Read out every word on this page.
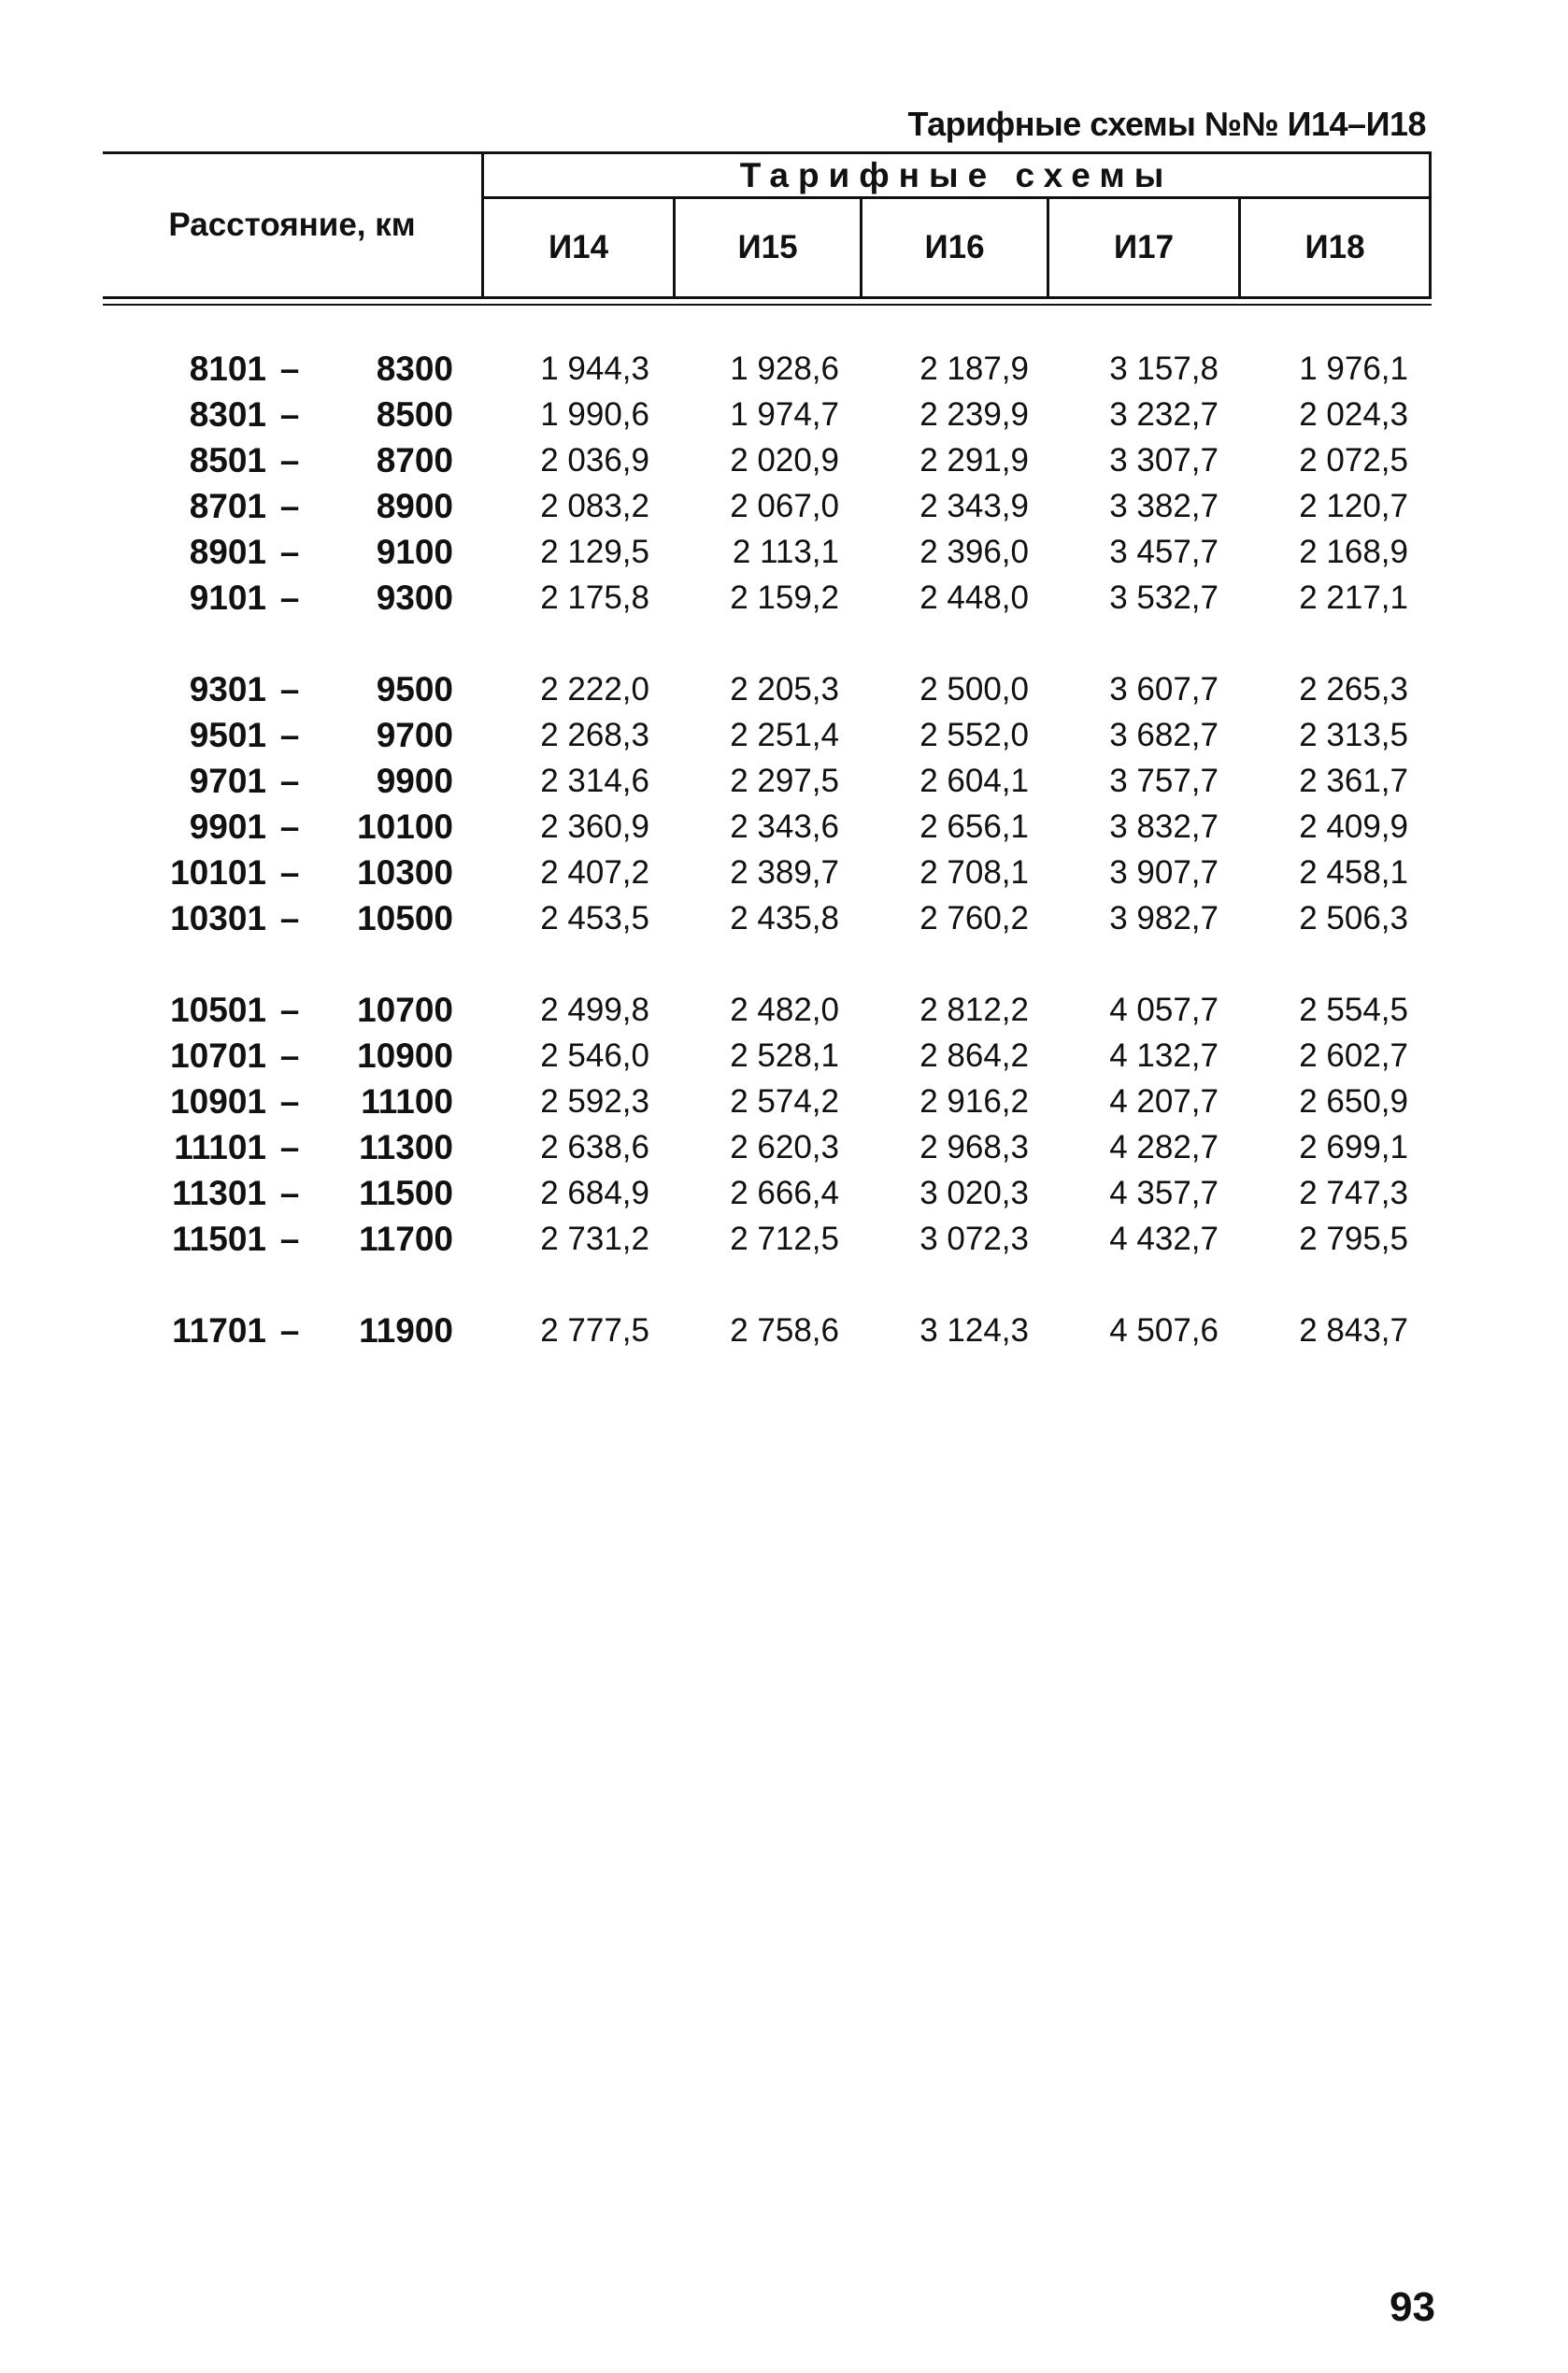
Тарифные схемы №№ И14–И18
Расстояние, км
Тарифные схемы
И14	И15	И16	И17	И18
8101 –	8300	1 944,3	1 928,6	2 187,9	3 157,8	1 976,1
8301 –	8500	1 990,6	1 974,7	2 239,9	3 232,7	2 024,3
8501 –	8700	2 036,9	2 020,9	2 291,9	3 307,7	2 072,5
8701 –	8900	2 083,2	2 067,0	2 343,9	3 382,7	2 120,7
8901 –	9100	2 129,5	2 113,1	2 396,0	3 457,7	2 168,9
9101 –	9300	2 175,8	2 159,2	2 448,0	3 532,7	2 217,1
9301 –	9500	2 222,0	2 205,3	2 500,0	3 607,7	2 265,3
9501 –	9700	2 268,3	2 251,4	2 552,0	3 682,7	2 313,5
9701 –	9900	2 314,6	2 297,5	2 604,1	3 757,7	2 361,7
9901 –	10100	2 360,9	2 343,6	2 656,1	3 832,7	2 409,9
10101 –	10300	2 407,2	2 389,7	2 708,1	3 907,7	2 458,1
10301 –	10500	2 453,5	2 435,8	2 760,2	3 982,7	2 506,3
10501 –	10700	2 499,8	2 482,0	2 812,2	4 057,7	2 554,5
10701 –	10900	2 546,0	2 528,1	2 864,2	4 132,7	2 602,7
10901 –	11100	2 592,3	2 574,2	2 916,2	4 207,7	2 650,9
11101 –	11300	2 638,6	2 620,3	2 968,3	4 282,7	2 699,1
11301 –	11500	2 684,9	2 666,4	3 020,3	4 357,7	2 747,3
11501 –	11700	2 731,2	2 712,5	3 072,3	4 432,7	2 795,5
11701 –	11900	2 777,5	2 758,6	3 124,3	4 507,6	2 843,7
93
